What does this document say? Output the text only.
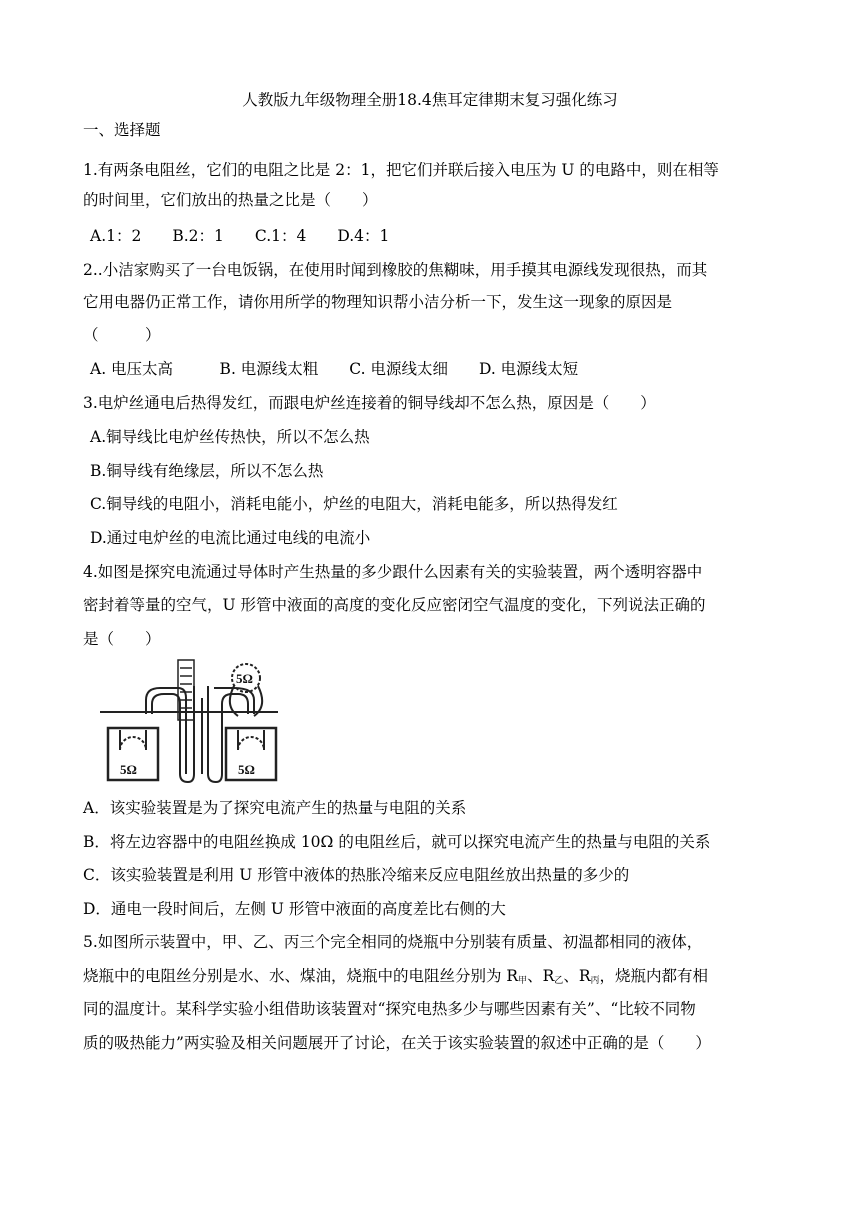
人教版九年级物理全册18.4焦耳定律期末复习强化练习
一、选择题
1.有两条电阻丝，它们的电阻之比是 2：1，把它们并联后接入电压为 U 的电路中，则在相等
的时间里，它们放出的热量之比是（　　）
A.1：2　　B.2：1　　C.1：4　　D.4：1
2..小洁家购买了一台电饭锅，在使用时闻到橡胶的焦糊味，用手摸其电源线发现很热，而其
它用电器仍正常工作，请你用所学的物理知识帮小洁分析一下，发生这一现象的原因是
（　　　）
A. 电压太高　　　B. 电源线太粗　　C. 电源线太细　　D. 电源线太短
3.电炉丝通电后热得发红，而跟电炉丝连接着的铜导线却不怎么热，原因是（　　）
A.铜导线比电炉丝传热快，所以不怎么热
B.铜导线有绝缘层，所以不怎么热
C.铜导线的电阻小，消耗电能小，炉丝的电阻大，消耗电能多，所以热得发红
D.通过电炉丝的电流比通过电线的电流小
4.如图是探究电流通过导体时产生热量的多少跟什么因素有关的实验装置，两个透明容器中
密封着等量的空气，U 形管中液面的高度的变化反应密闭空气温度的变化，下列说法正确的
是（　　）
5Ω
5Ω	5Ω
A．该实验装置是为了探究电流产生的热量与电阻的关系
B．将左边容器中的电阻丝换成 10Ω 的电阻丝后，就可以探究电流产生的热量与电阻的关系
C．该实验装置是利用 U 形管中液体的热胀冷缩来反应电阻丝放出热量的多少的
D．通电一段时间后，左侧 U 形管中液面的高度差比右侧的大
5.如图所示装置中，甲、乙、丙三个完全相同的烧瓶中分别装有质量、初温都相同的液体，
烧瓶中的电阻丝分别是水、水、煤油，烧瓶中的电阻丝分别为 $R_甲$、$R_乙$、$R_丙$，烧瓶内都有相
同的温度计。某科学实验小组借助该装置对“探究电热多少与哪些因素有关”、“比较不同物
质的吸热能力”两实验及相关问题展开了讨论，在关于该实验装置的叙述中正确的是（　　）
